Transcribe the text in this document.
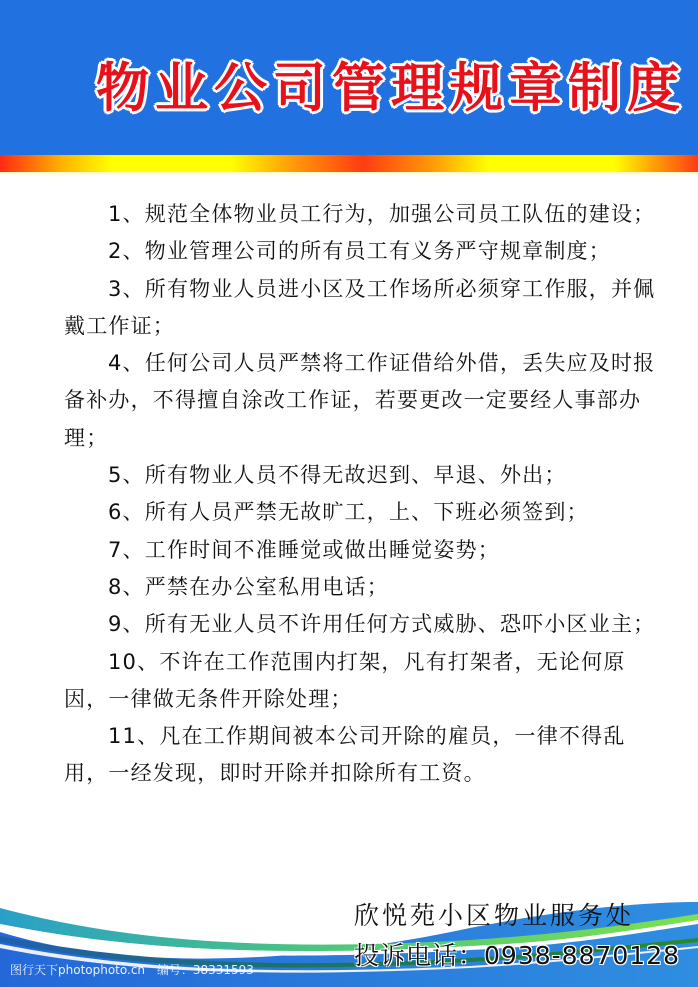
物业公司管理规章制度

1、规范全体物业员工行为，加强公司员工队伍的建设；

2、物业管理公司的所有员工有义务严守规章制度；

3、所有物业人员进小区及工作场所必须穿工作服，并佩戴工作证；

4、任何公司人员严禁将工作证借给外借，丢失应及时报备补办，不得擅自涂改工作证，若要更改一定要经人事部办理；

5、所有物业人员不得无故迟到、早退、外出；

6、所有人员严禁无故旷工，上、下班必须签到；

7、工作时间不准睡觉或做出睡觉姿势；

8、严禁在办公室私用电话；

9、所有无业人员不许用任何方式威胁、恐吓小区业主；

10、不许在工作范围内打架，凡有打架者，无论何原因，一律做无条件开除处理；

11、凡在工作期间被本公司开除的雇员，一律不得乱用，一经发现，即时开除并扣除所有工资。

欣悦苑小区物业服务处
投诉电话：0938-8870128
图行天下photophoto.cn 编号：38331593
